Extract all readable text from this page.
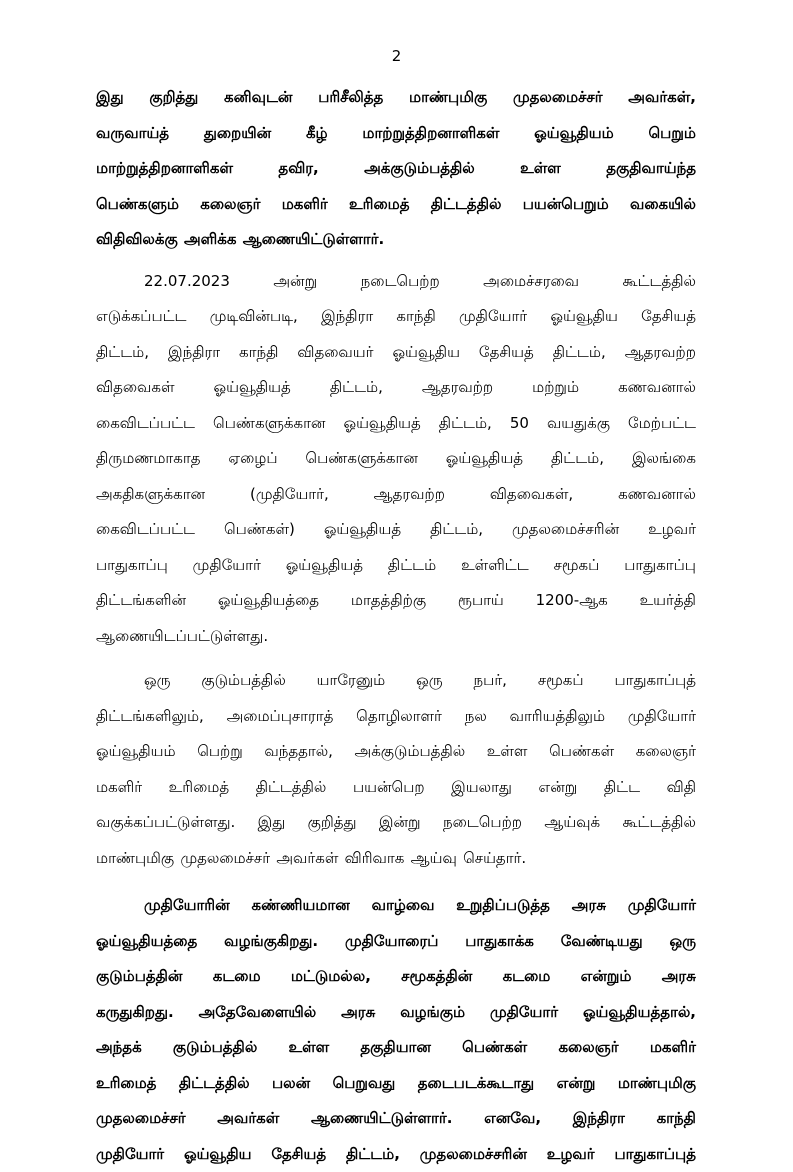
2
இது குறித்து கனிவுடன் பரிசீலித்த மாண்புமிகு முதலமைச்சர் அவர்கள்,
வருவாய்த் துறையின் கீழ் மாற்றுத்திறனாளிகள் ஓய்வூதியம் பெறும்
மாற்றுத்திறனாளிகள்	தவிர,	அக்குடும்பத்தில்	உள்ள	தகுதிவாய்ந்த
பெண்களும் கலைஞர் மகளிர் உரிமைத் திட்டத்தில் பயன்பெறும் வகையில்
விதிவிலக்கு அளிக்க ஆணையிட்டுள்ளார்.
22.07.2023	அன்று	நடைபெற்ற	அமைச்சரவை	கூட்டத்தில்
எடுக்கப்பட்ட முடிவின்படி, இந்திரா காந்தி முதியோர் ஓய்வூதிய தேசியத்
திட்டம், இந்திரா காந்தி விதவையர் ஓய்வூதிய தேசியத் திட்டம், ஆதரவற்ற
விதவைகள்	ஓய்வூதியத்	திட்டம்,	ஆதரவற்ற	மற்றும்	கணவனால்
கைவிடப்பட்ட பெண்களுக்கான ஓய்வூதியத் திட்டம், 50 வயதுக்கு மேற்பட்ட
திருமணமாகாத ஏழைப் பெண்களுக்கான ஓய்வூதியத் திட்டம், இலங்கை
அகதிகளுக்கான	(முதியோர்,	ஆதரவற்ற	விதவைகள்,	கணவனால்
கைவிடப்பட்ட பெண்கள்) ஓய்வூதியத் திட்டம், முதலமைச்சரின் உழவர்
பாதுகாப்பு முதியோர் ஓய்வூதியத் திட்டம் உள்ளிட்ட சமூகப் பாதுகாப்பு
திட்டங்களின் ஓய்வூதியத்தை மாதத்திற்கு ரூபாய் 1200-ஆக உயர்த்தி
ஆணையிடப்பட்டுள்ளது.
ஒரு குடும்பத்தில் யாரேனும் ஒரு நபர், சமூகப் பாதுகாப்புத்
திட்டங்களிலும், அமைப்புசாராத் தொழிலாளர் நல வாரியத்திலும் முதியோர்
ஓய்வூதியம் பெற்று வந்ததால், அக்குடும்பத்தில் உள்ள பெண்கள் கலைஞர்
மகளிர் உரிமைத் திட்டத்தில் பயன்பெற இயலாது என்று திட்ட விதி
வகுக்கப்பட்டுள்ளது. இது குறித்து இன்று நடைபெற்ற ஆய்வுக் கூட்டத்தில்
மாண்புமிகு முதலமைச்சர் அவர்கள் விரிவாக ஆய்வு செய்தார்.
முதியோரின் கண்ணியமான வாழ்வை உறுதிப்படுத்த அரசு முதியோர்
ஓய்வூதியத்தை வழங்குகிறது. முதியோரைப் பாதுகாக்க வேண்டியது ஒரு
குடும்பத்தின் கடமை மட்டுமல்ல, சமூகத்தின் கடமை என்றும் அரசு
கருதுகிறது. அதேவேளையில் அரசு வழங்கும் முதியோர் ஓய்வூதியத்தால்,
அந்தக் குடும்பத்தில் உள்ள தகுதியான பெண்கள் கலைஞர் மகளிர்
உரிமைத் திட்டத்தில் பலன் பெறுவது தடைபடக்கூடாது என்று மாண்புமிகு
முதலமைச்சர் அவர்கள் ஆணையிட்டுள்ளார். எனவே, இந்திரா காந்தி
முதியோர் ஓய்வூதிய தேசியத் திட்டம், முதலமைச்சரின் உழவர் பாதுகாப்புத்
